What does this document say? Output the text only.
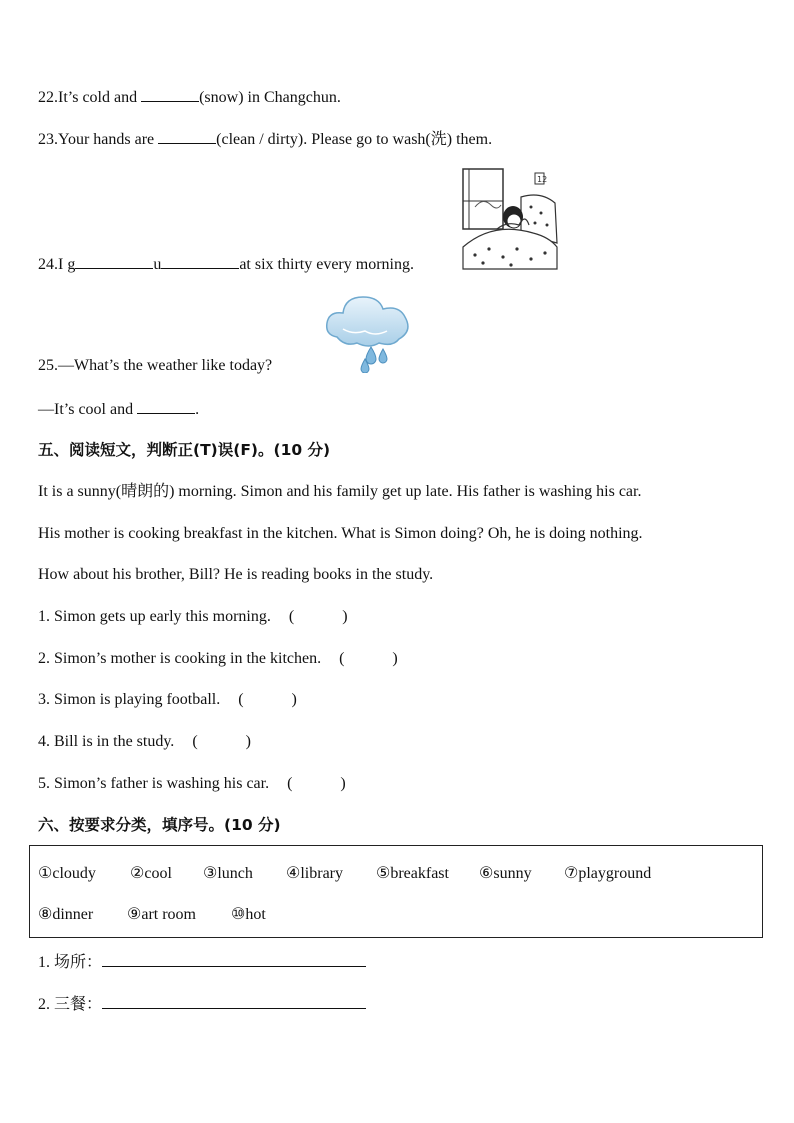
22.It’s cold and	(snow) in Changchun.
23.Your hands are	(clean / dirty). Please go to wash(洗) them.
12
24.I g	u	at six thirty every morning.
25.—What’s the weather like today?
—It’s cool and	.
五、阅读短文，判断正(T)误(F)。(10 分)
It is a sunny(晴朗的) morning. Simon and his family get up late. His father is washing his car.
His mother is cooking breakfast in the kitchen. What is Simon doing? Oh, he is doing nothing.
How about his brother, Bill? He is reading books in the study.
1. Simon gets up early this morning. (　　　)
2. Simon’s mother is cooking in the kitchen. (　　　)
3. Simon is playing football. (　　　)
4. Bill is in the study. (　　　)
5. Simon’s father is washing his car. (　　　)
六、按要求分类，填序号。(10 分)
①cloudy ②cool ③lunch ④library ⑤breakfast ⑥sunny ⑦playground
⑧dinner ⑨art room ⑩hot
1. 场所：
2. 三餐：
